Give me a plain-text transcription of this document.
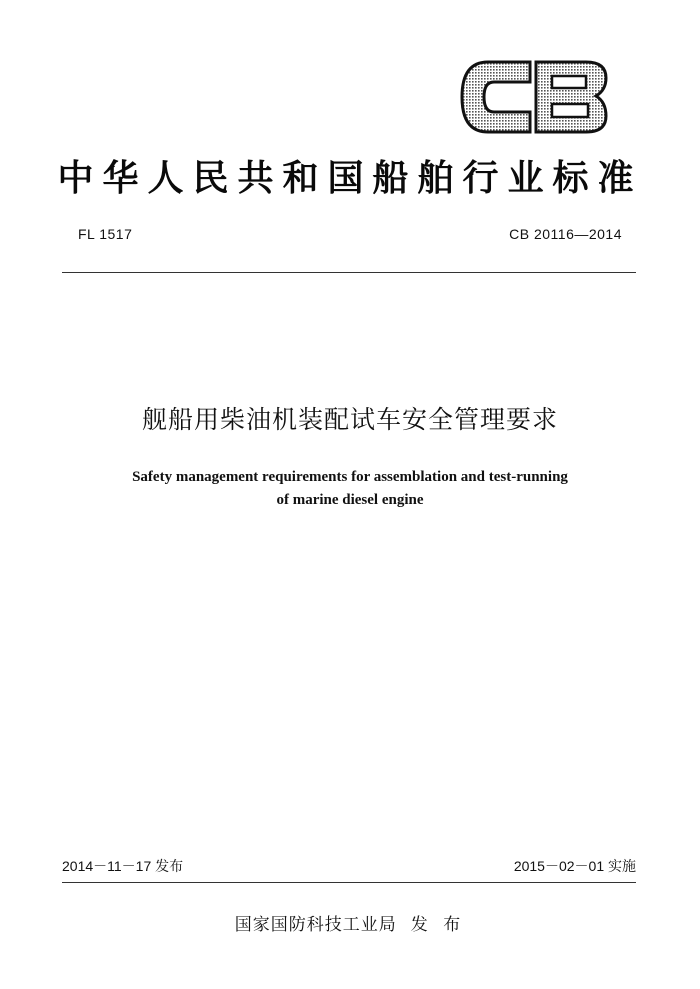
中华人民共和国船舶行业标准
FL 1517	CB 20116—2014
舰船用柴油机装配试车安全管理要求
Safety management requirements for assemblation and test-running
of marine diesel engine
2014－11－17 发布	2015－02－01 实施
国家国防科技工业局 发 布
